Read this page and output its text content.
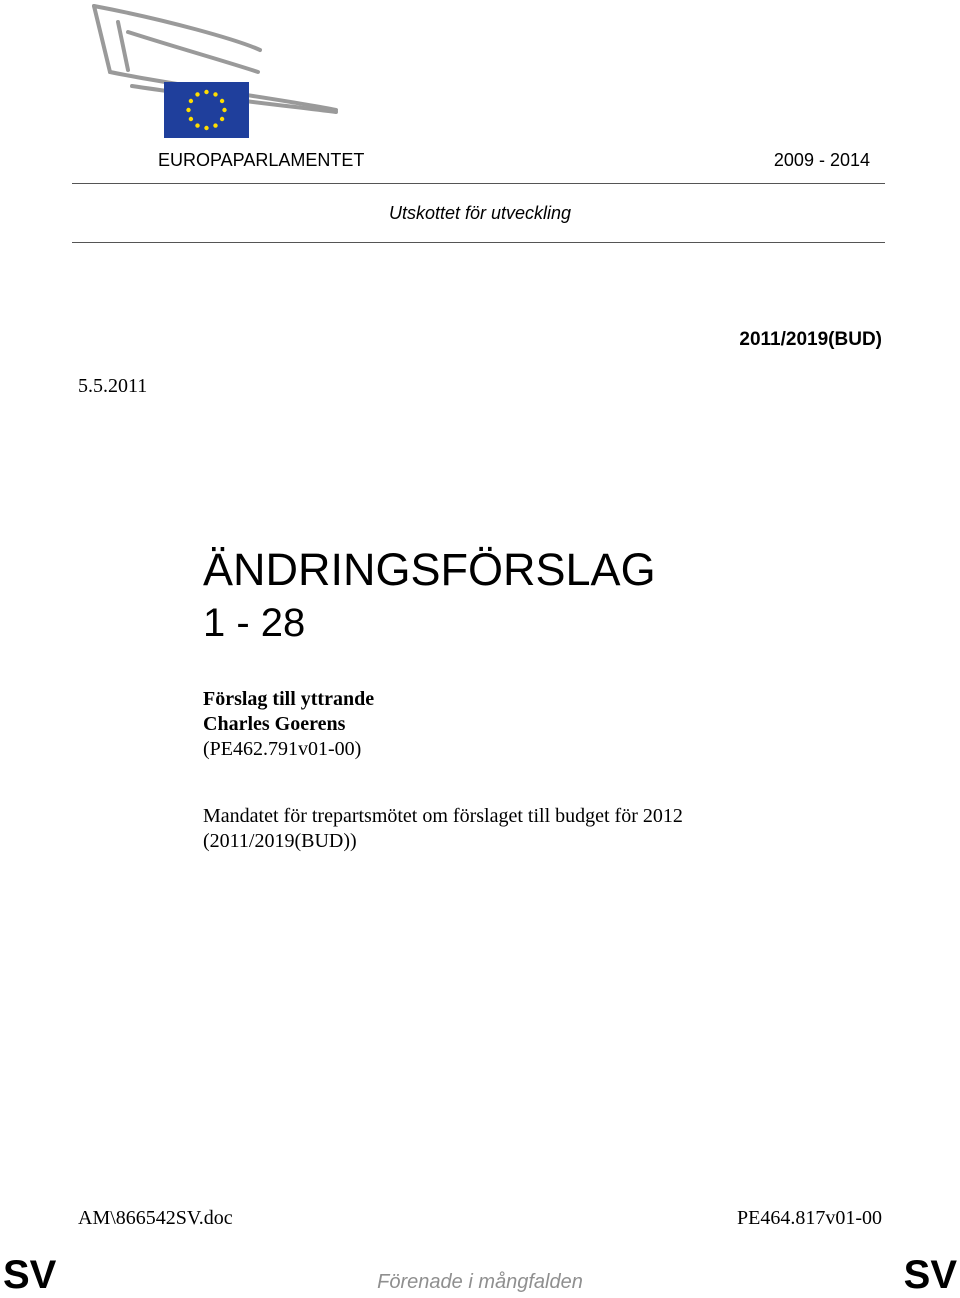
EUROPAPARLAMENTET	2009 - 2014
Utskottet för utveckling
2011/2019(BUD)
5.5.2011
ÄNDRINGSFÖRSLAG
1 - 28
Förslag till yttrande
Charles Goerens
(PE462.791v01-00)
Mandatet för trepartsmötet om förslaget till budget för 2012
(2011/2019(BUD))
AM\866542SV.doc	PE464.817v01-00
SV	SV
Förenade i mångfalden
